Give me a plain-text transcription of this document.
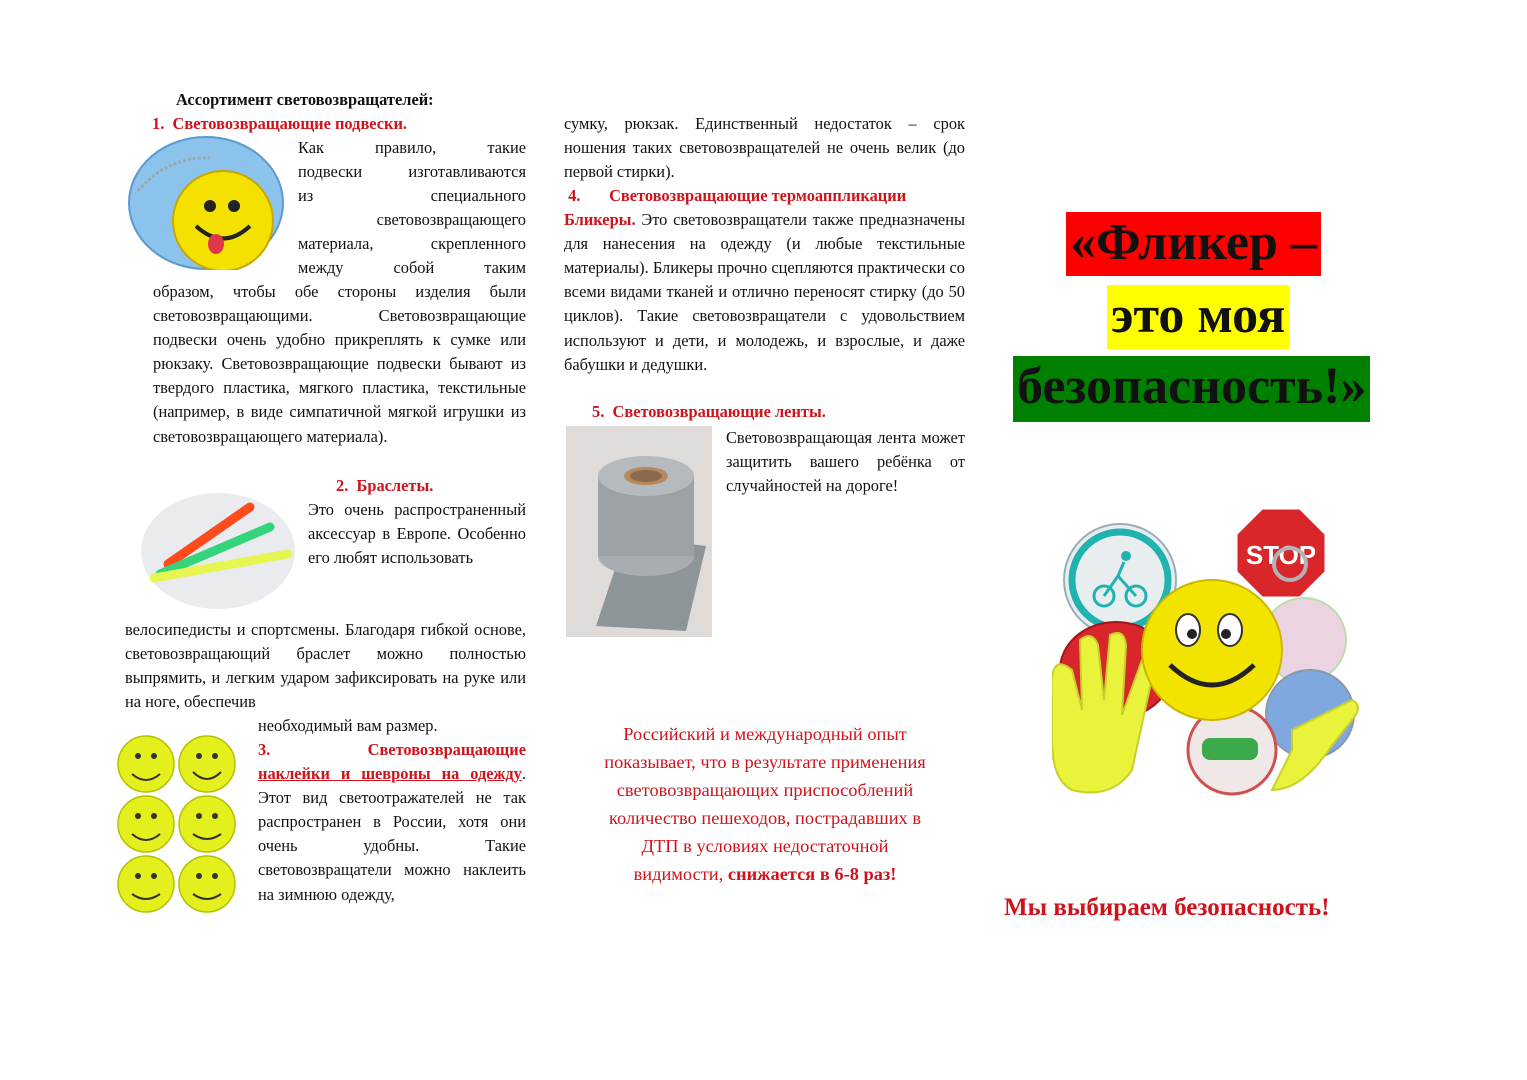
Ассортимент световозвращателей:
1. Световозвращающие подвески.
Как правило, такие
подвески изготавливаются
из специального
световозвращающего
материала, скрепленного
между собой таким

образом, чтобы обе стороны изделия были световозвращающими. Световозвращающие подвески очень удобно прикреплять к сумке или рюкзаку. Световозвращающие подвески бывают из твердого пластика, мягкого пластика, текстильные (например, в виде симпатичной мягкой игрушки из световозвращающего материала).

2. Браслеты.

Это очень распространенный аксессуар в Европе. Особенно его любят использовать

велосипедисты и спортсмены. Благодаря гибкой основе, световозвращающий браслет можно полностью выпрямить, и легким ударом зафиксировать на руке или на ноге, обеспечив

необходимый вам размер.

3.	Световозвращающие

наклейки и шевроны на одежду. Этот вид светоотражателей не так распространен в России, хотя они очень удобны. Такие световозвращатели можно наклеить на зимнюю одежду,

сумку, рюкзак. Единственный недостаток – срок ношения таких световозвращателей не очень велик (до первой стирки).

4. Световозвращающие термоаппликации

Бликеры. Это световозвращатели также предназначены для нанесения на одежду (и любые текстильные материалы). Бликеры прочно сцепляются практически со всеми видами тканей и отлично переносят стирку (до 50 циклов). Такие световозвращатели с удовольствием используют и дети, и молодежь, и взрослые, и даже бабушки и дедушки.

5. Световозвращающие ленты.

Световозвращающая лента может защитить вашего ребёнка от случайностей на дороге!

Российский и международный опыт
показывает, что в результате применения
световозвращающих приспособлений
количество пешеходов, пострадавших в
ДТП в условиях недостаточной
видимости, снижается в 6-8 раз!
«Фликер –
это моя
безопасность!»
STOP
Мы выбираем безопасность!
